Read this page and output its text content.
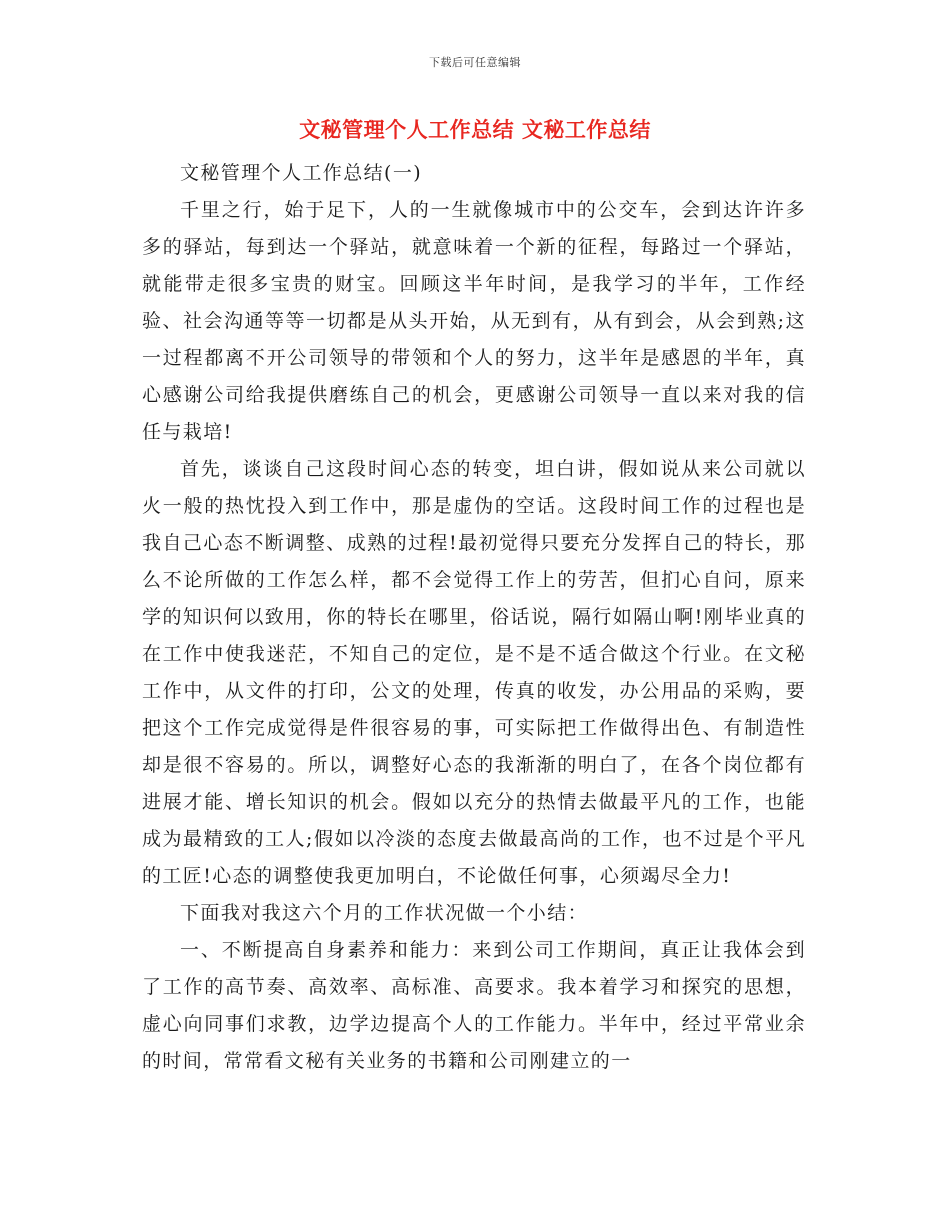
下载后可任意编辑
文秘管理个人工作总结 文秘工作总结

文秘管理个人工作总结(一)

千里之行，始于足下，人的一生就像城市中的公交车，会到达许许多多的驿站，每到达一个驿站，就意味着一个新的征程，每路过一个驿站，就能带走很多宝贵的财宝。回顾这半年时间，是我学习的半年，工作经验、社会沟通等等一切都是从头开始，从无到有，从有到会，从会到熟;这一过程都离不开公司领导的带领和个人的努力，这半年是感恩的半年，真心感谢公司给我提供磨练自己的机会，更感谢公司领导一直以来对我的信任与栽培!

首先，谈谈自己这段时间心态的转变，坦白讲，假如说从来公司就以火一般的热忱投入到工作中，那是虚伪的空话。这段时间工作的过程也是我自己心态不断调整、成熟的过程!最初觉得只要充分发挥自己的特长，那么不论所做的工作怎么样，都不会觉得工作上的劳苦，但扪心自问，原来学的知识何以致用，你的特长在哪里，俗话说，隔行如隔山啊!刚毕业真的在工作中使我迷茫，不知自己的定位，是不是不适合做这个行业。在文秘工作中，从文件的打印，公文的处理，传真的收发，办公用品的采购，要把这个工作完成觉得是件很容易的事，可实际把工作做得出色、有制造性却是很不容易的。所以，调整好心态的我渐渐的明白了，在各个岗位都有进展才能、增长知识的机会。假如以充分的热情去做最平凡的工作，也能成为最精致的工人;假如以冷淡的态度去做最高尚的工作，也不过是个平凡的工匠!心态的调整使我更加明白，不论做任何事，心须竭尽全力!

下面我对我这六个月的工作状况做一个小结：

一、不断提高自身素养和能力：来到公司工作期间，真正让我体会到了工作的高节奏、高效率、高标准、高要求。我本着学习和探究的思想，虚心向同事们求教，边学边提高个人的工作能力。半年中，经过平常业余的时间，常常看文秘有关业务的书籍和公司刚建立的一
